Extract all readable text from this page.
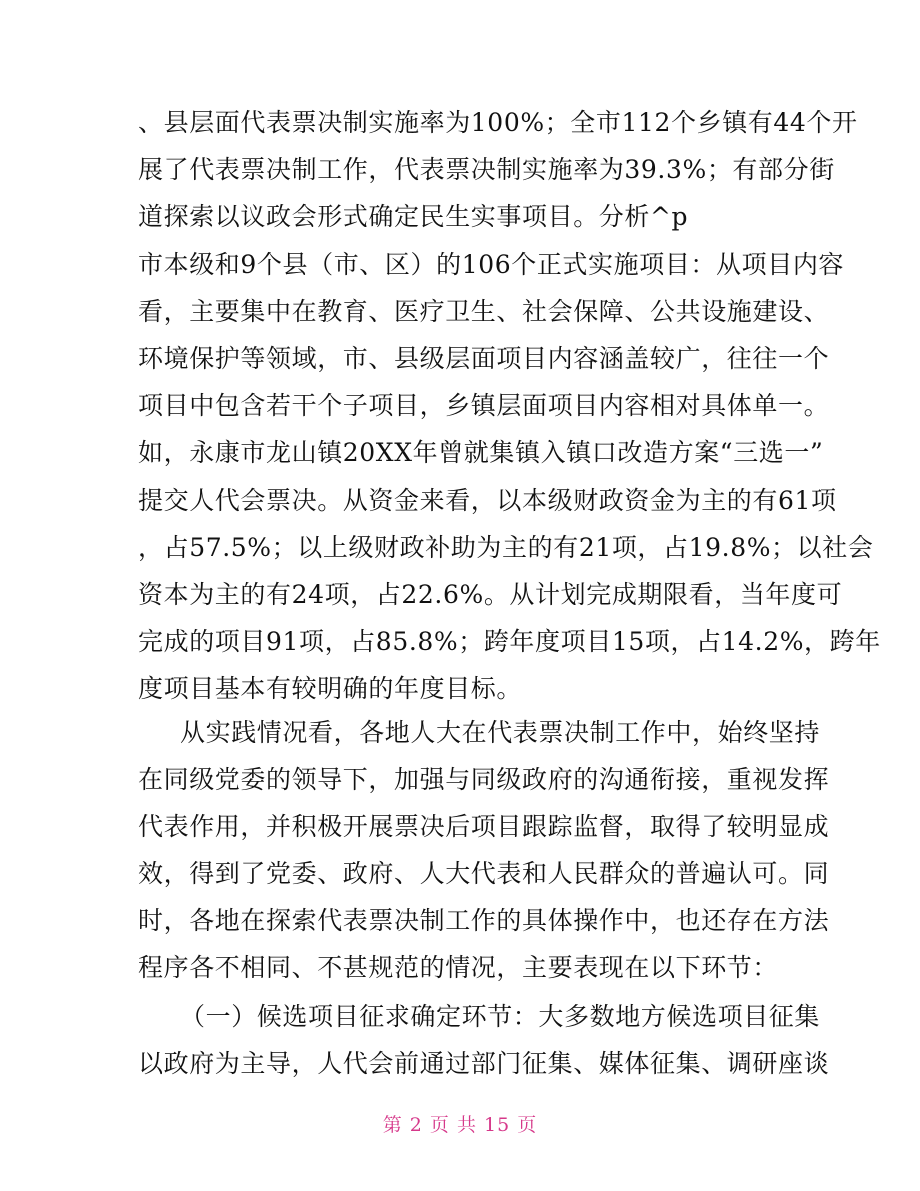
、县层面代表票决制实施率为100%；全市112个乡镇有44个开
展了代表票决制工作，代表票决制实施率为39.3%；有部分街
道探索以议政会形式确定民生实事项目。分析^p
市本级和9个县（市、区）的106个正式实施项目：从项目内容
看，主要集中在教育、医疗卫生、社会保障、公共设施建设、
环境保护等领域，市、县级层面项目内容涵盖较广，往往一个
项目中包含若干个子项目，乡镇层面项目内容相对具体单一。
如，永康市龙山镇20XX年曾就集镇入镇口改造方案“三选一”
提交人代会票决。从资金来看，以本级财政资金为主的有61项
，占57.5%；以上级财政补助为主的有21项，占19.8%；以社会
资本为主的有24项，占22.6%。从计划完成期限看，当年度可
完成的项目91项，占85.8%；跨年度项目15项，占14.2%，跨年
度项目基本有较明确的年度目标。
从实践情况看，各地人大在代表票决制工作中，始终坚持
在同级党委的领导下，加强与同级政府的沟通衔接，重视发挥
代表作用，并积极开展票决后项目跟踪监督，取得了较明显成
效，得到了党委、政府、人大代表和人民群众的普遍认可。同
时，各地在探索代表票决制工作的具体操作中，也还存在方法
程序各不相同、不甚规范的情况，主要表现在以下环节：
（一）候选项目征求确定环节：大多数地方候选项目征集
以政府为主导，人代会前通过部门征集、媒体征集、调研座谈
第 2 页 共 15 页
